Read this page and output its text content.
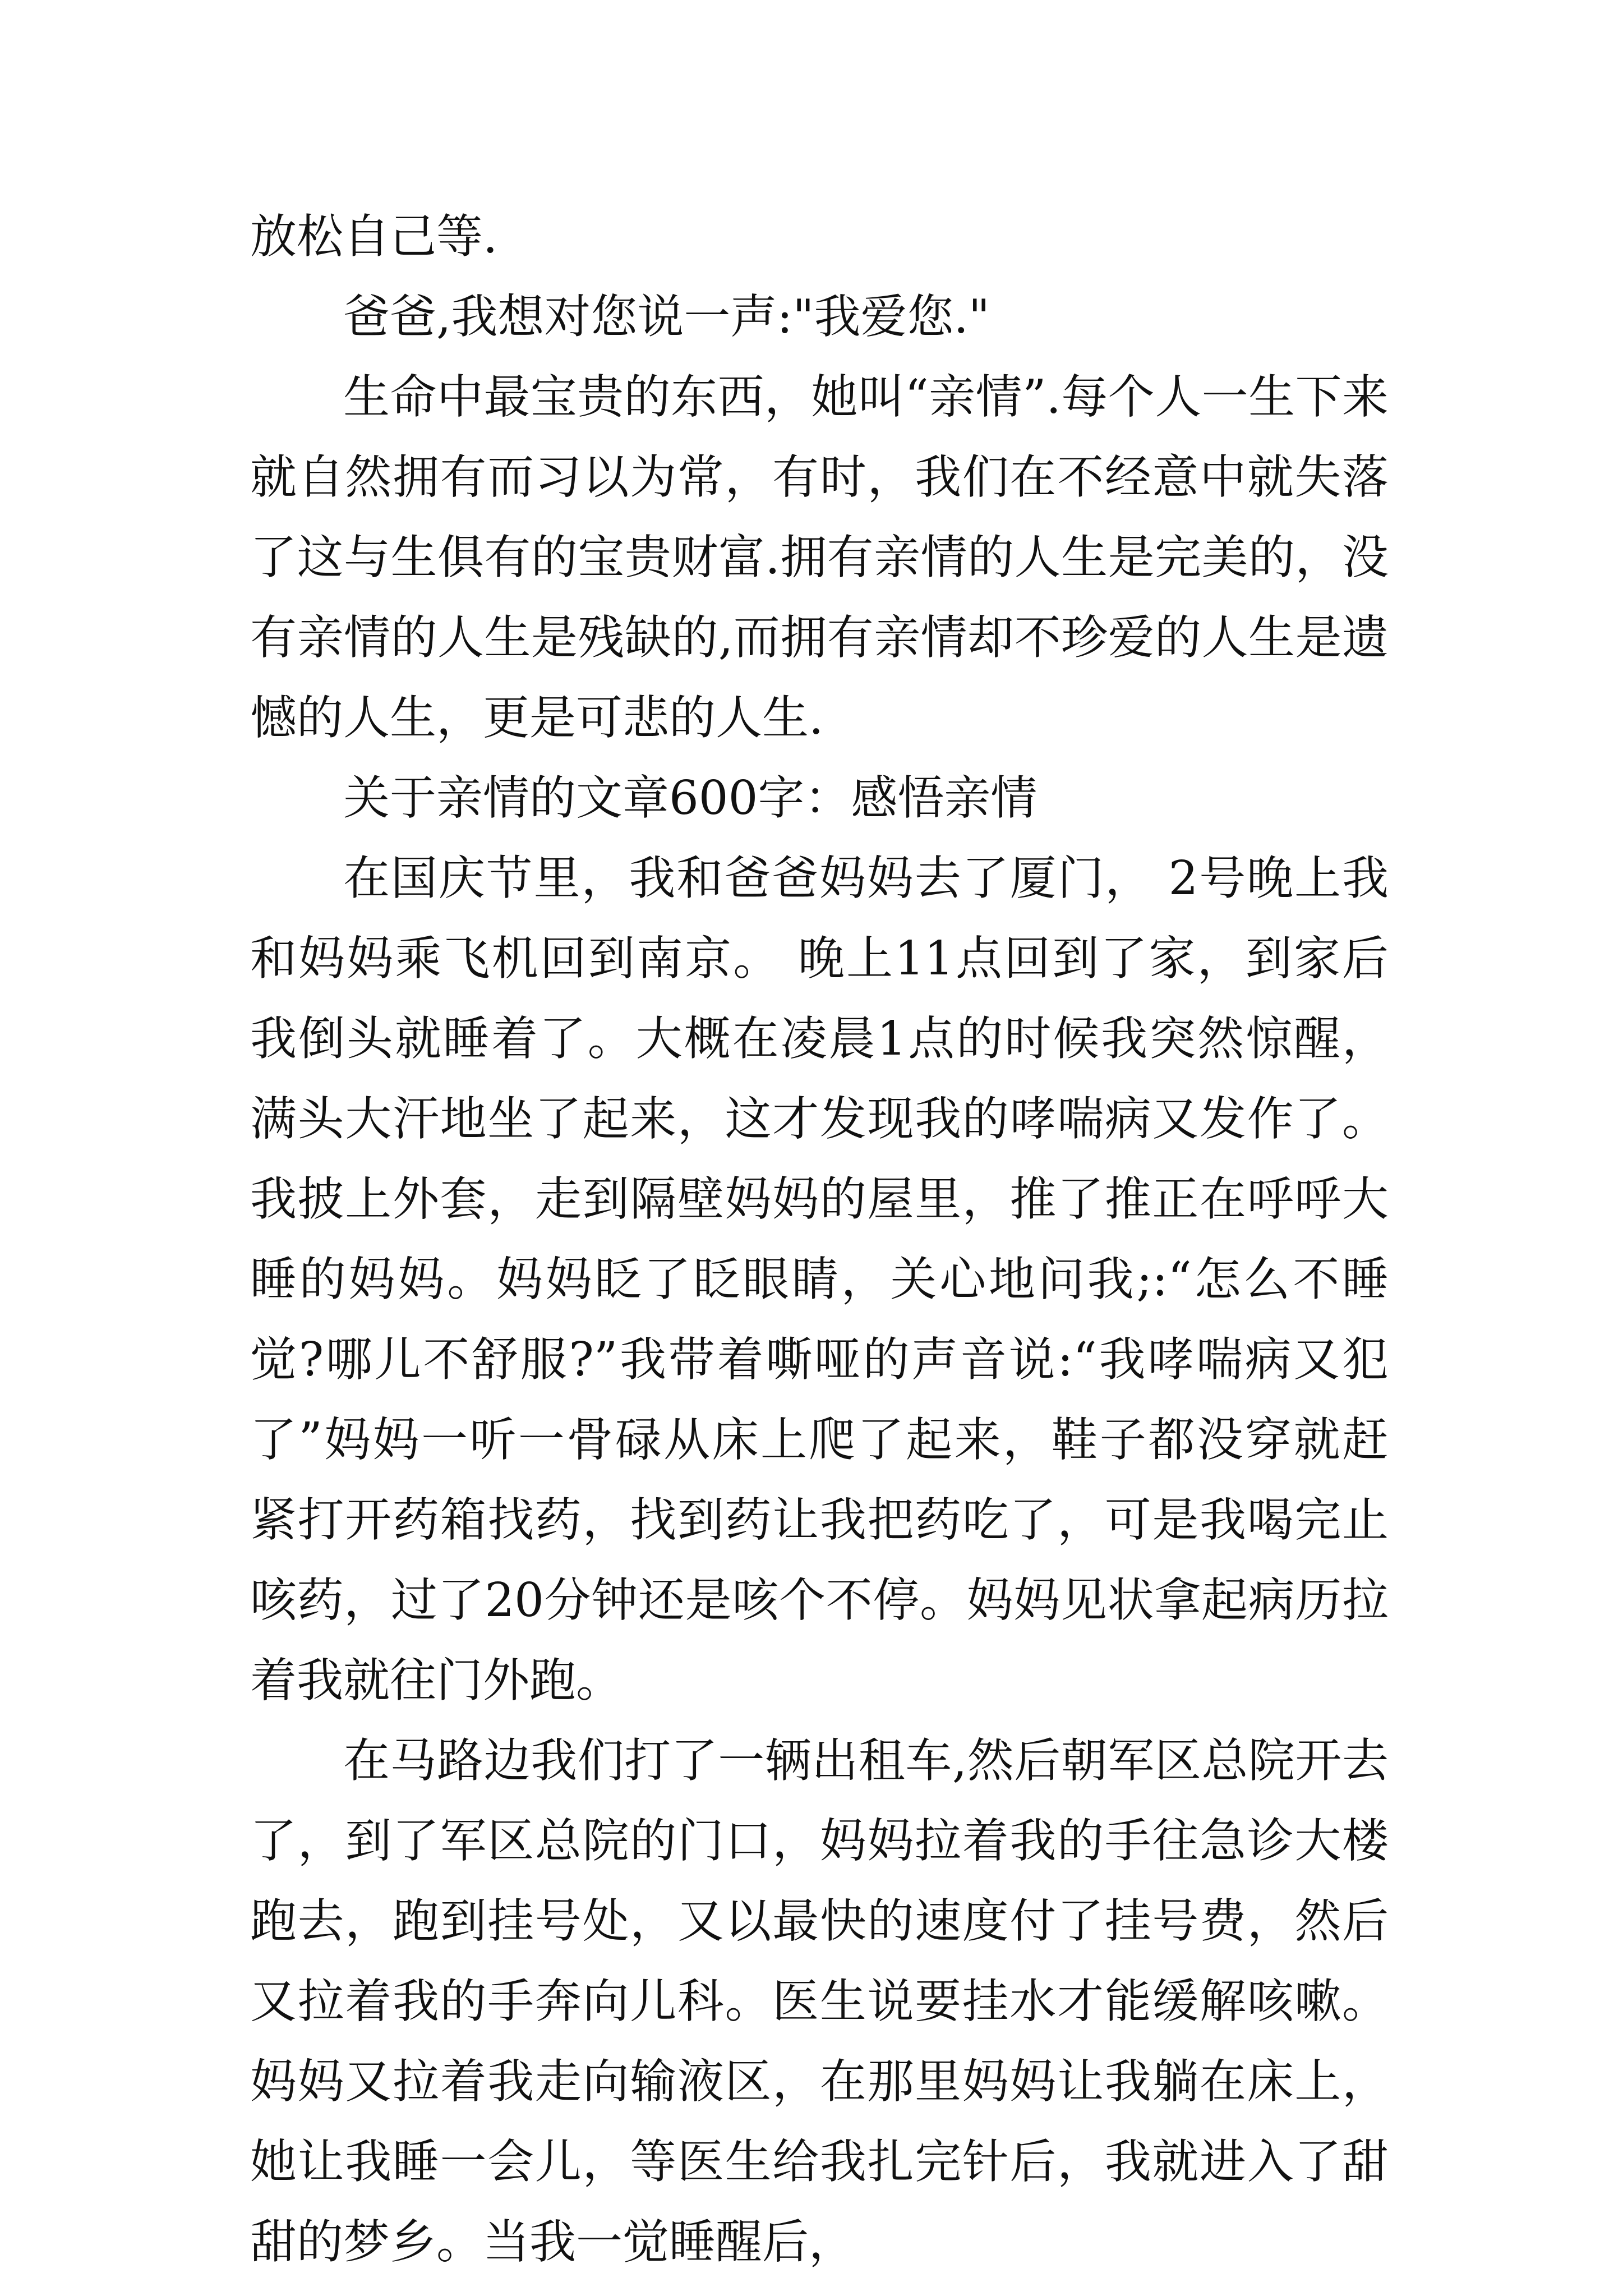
放松自己等.

爸爸,我想对您说一声:"我爱您."

生命中最宝贵的东西，她叫“亲情”.每个人一生下来就自然拥有而习以为常，有时，我们在不经意中就失落了这与生俱有的宝贵财富.拥有亲情的人生是完美的，没有亲情的人生是残缺的,而拥有亲情却不珍爱的人生是遗憾的人生，更是可悲的人生.

关于亲情的文章600字：感悟亲情

在国庆节里，我和爸爸妈妈去了厦门， 2号晚上我和妈妈乘飞机回到南京。 晚上11点回到了家，到家后我倒头就睡着了。大概在凌晨1点的时候我突然惊醒，满头大汗地坐了起来，这才发现我的哮喘病又发作了。我披上外套，走到隔壁妈妈的屋里，推了推正在呼呼大睡的妈妈。妈妈眨了眨眼睛，关心地问我;:“怎么不睡觉?哪儿不舒服?”我带着嘶哑的声音说:“我哮喘病又犯了”妈妈一听一骨碌从床上爬了起来，鞋子都没穿就赶紧打开药箱找药，找到药让我把药吃了，可是我喝完止咳药，过了20分钟还是咳个不停。妈妈见状拿起病历拉着我就往门外跑。

在马路边我们打了一辆出租车,然后朝军区总院开去了，到了军区总院的门口，妈妈拉着我的手往急诊大楼跑去，跑到挂号处，又以最快的速度付了挂号费，然后又拉着我的手奔向儿科。医生说要挂水才能缓解咳嗽。妈妈又拉着我走向输液区，在那里妈妈让我躺在床上，她让我睡一会儿，等医生给我扎完针后，我就进入了甜甜的梦乡。当我一觉睡醒后，
